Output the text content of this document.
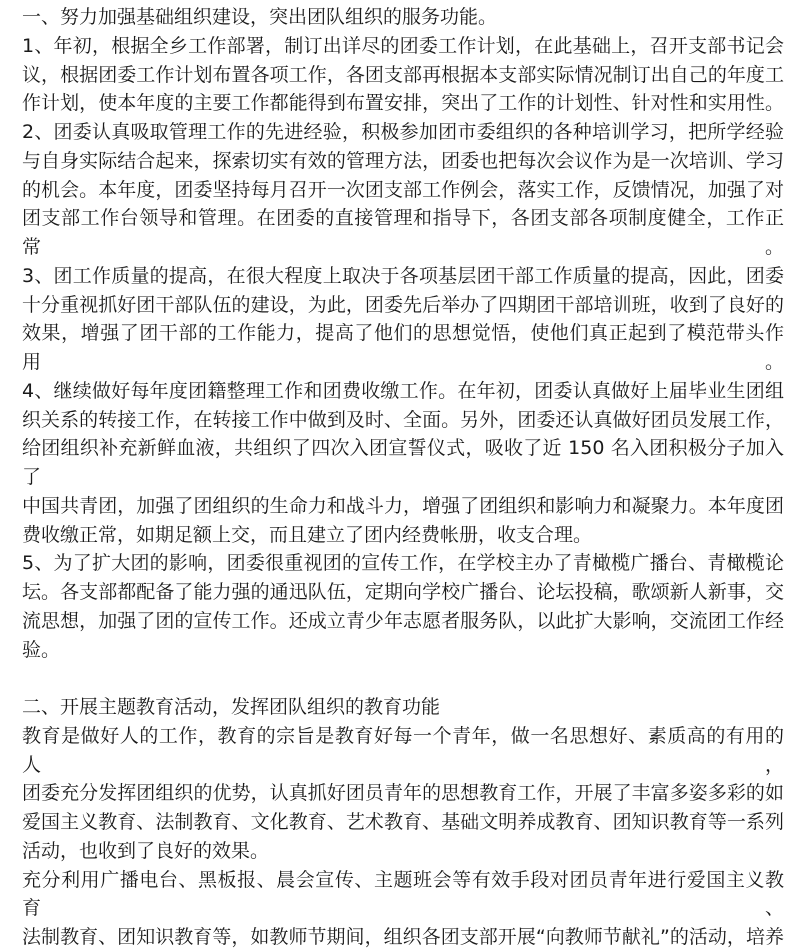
一、努力加强基础组织建设，突出团队组织的服务功能。
1、年初，根据全乡工作部署，制订出详尽的团委工作计划，在此基础上，召开支部书记会
议，根据团委工作计划布置各项工作，各团支部再根据本支部实际情况制订出自己的年度工
作计划，使本年度的主要工作都能得到布置安排，突出了工作的计划性、针对性和实用性。
2、团委认真吸取管理工作的先进经验，积极参加团市委组织的各种培训学习，把所学经验
与自身实际结合起来，探索切实有效的管理方法，团委也把每次会议作为是一次培训、学习
的机会。本年度，团委坚持每月召开一次团支部工作例会，落实工作，反馈情况，加强了对
团支部工作台领导和管理。在团委的直接管理和指导下，各团支部各项制度健全，工作正常。
3、团工作质量的提高，在很大程度上取决于各项基层团干部工作质量的提高，因此，团委
十分重视抓好团干部队伍的建设，为此，团委先后举办了四期团干部培训班，收到了良好的
效果，增强了团干部的工作能力，提高了他们的思想觉悟，使他们真正起到了模范带头作用。
4、继续做好每年度团籍整理工作和团费收缴工作。在年初，团委认真做好上届毕业生团组
织关系的转接工作，在转接工作中做到及时、全面。另外，团委还认真做好团员发展工作，
给团组织补充新鲜血液，共组织了四次入团宣誓仪式，吸收了近 150 名入团积极分子加入了
中国共青团，加强了团组织的生命力和战斗力，增强了团组织和影响力和凝聚力。本年度团
费收缴正常，如期足额上交，而且建立了团内经费帐册，收支合理。
5、为了扩大团的影响，团委很重视团的宣传工作，在学校主办了青橄榄广播台、青橄榄论
坛。各支部都配备了能力强的通迅队伍，定期向学校广播台、论坛投稿，歌颂新人新事，交
流思想，加强了团的宣传工作。还成立青少年志愿者服务队，以此扩大影响，交流团工作经
验。
二、开展主题教育活动，发挥团队组织的教育功能
教育是做好人的工作，教育的宗旨是教育好每一个青年，做一名思想好、素质高的有用的人，
团委充分发挥团组织的优势，认真抓好团员青年的思想教育工作，开展了丰富多姿多彩的如
爱国主义教育、法制教育、文化教育、艺术教育、基础文明养成教育、团知识教育等一系列
活动，也收到了良好的效果。
充分利用广播电台、黑板报、晨会宣传、主题班会等有效手段对团员青年进行爱国主义教育、
法制教育、团知识教育等，如教师节期间，组织各团支部开展“向教师节献礼”的活动，培养
